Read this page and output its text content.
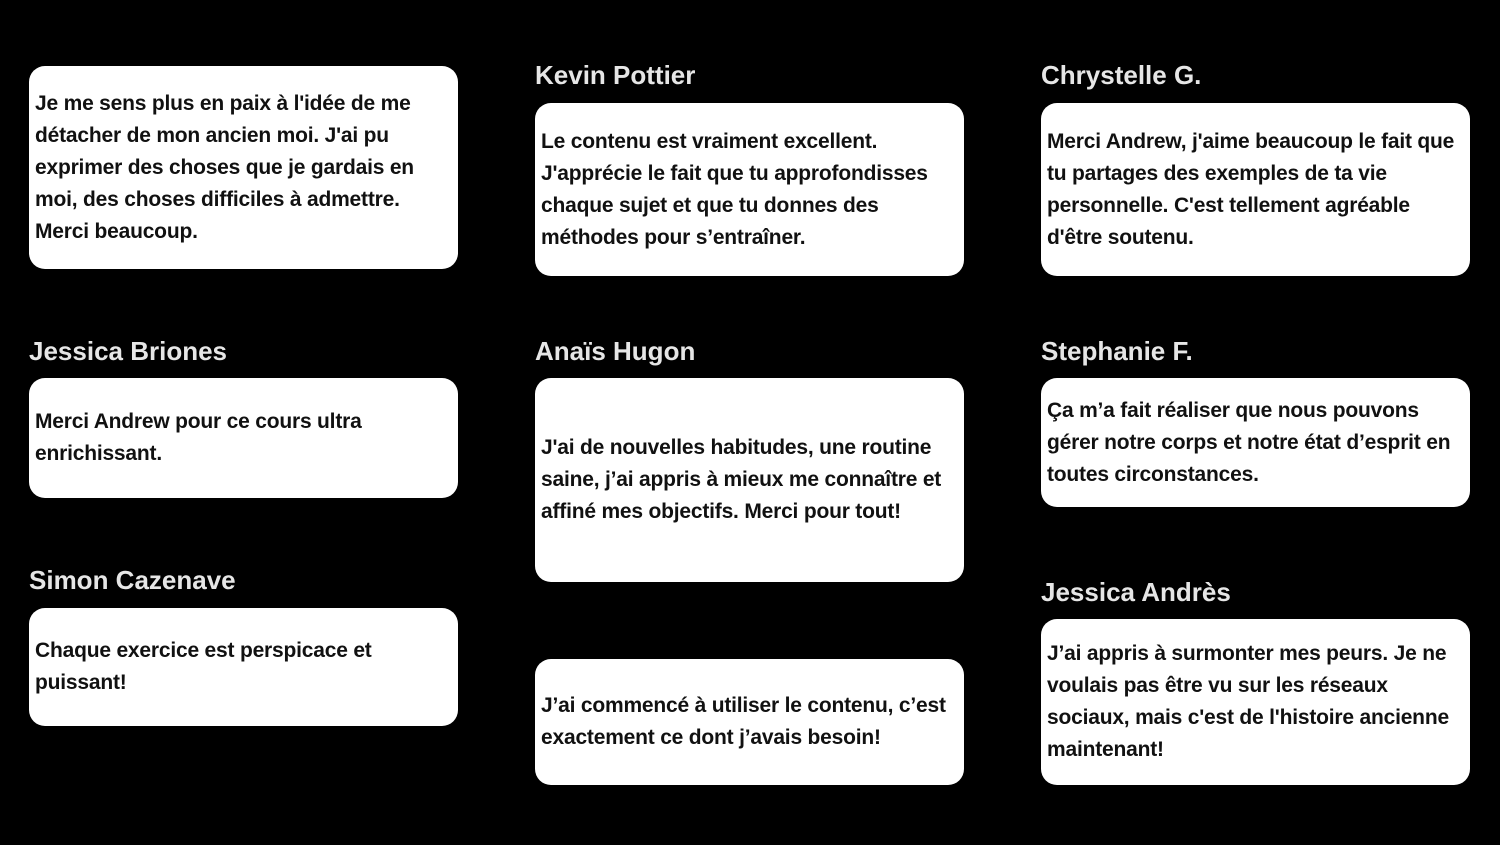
Je me sens plus en paix à l'idée de me détacher de mon ancien moi. J'ai pu exprimer des choses que je gardais en moi, des choses difficiles à admettre. Merci beaucoup.
Jessica Briones
Merci Andrew pour ce cours ultra enrichissant.
Simon Cazenave
Chaque exercice est perspicace et puissant!
Kevin Pottier
Le contenu est vraiment excellent. J'apprécie le fait que tu approfondisses chaque sujet et que tu donnes des méthodes pour s’entraîner.
Anaïs Hugon
J'ai de nouvelles habitudes, une routine saine, j’ai appris à mieux me connaître et affiné mes objectifs. Merci pour tout!
J’ai commencé à utiliser le contenu, c’est exactement ce dont j’avais besoin!
Chrystelle G.
Merci Andrew, j'aime beaucoup le fait que tu partages des exemples de ta vie personnelle. C'est tellement agréable d'être soutenu.
Stephanie F.
Ça m’a fait réaliser que nous pouvons gérer notre corps et notre état d’esprit en toutes circonstances.
Jessica Andrès
J’ai appris à surmonter mes peurs. Je ne voulais pas être vu sur les réseaux sociaux, mais c'est de l'histoire ancienne maintenant!
